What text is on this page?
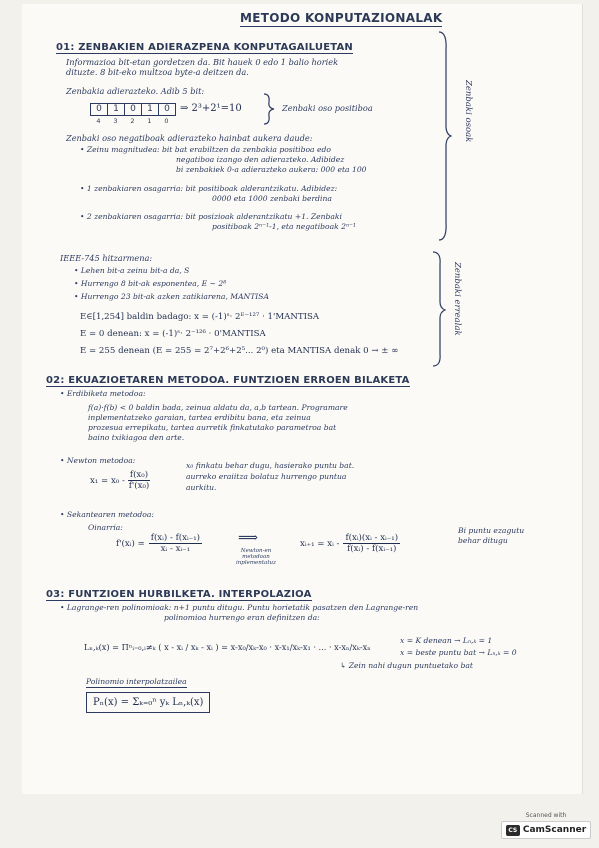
METODO KONPUTAZIONALAK
01: ZENBAKIEN ADIERAZPENA KONPUTAGAILUETAN
Informazioa bit-etan gordetzen da. Bit hauek 0 edo 1 balio horiek
dituzte. 8 bit-eko multzoa byte-a deitzen da.
Zenbakia adierazteko. Adib 5 bit:
0	1	0	1	0
4	3	2	1	0
⇒ 2³+2¹=10	Zenbaki oso positiboa
Zenbaki oso negatiboak adierazteko hainbat aukera daude:
• Zeinu magnitudea: bit bat erabiltzen da zenbakia positiboa edo
negatiboa izango den adierazteko. Adibidez
bi zenbakiek 0-a adierazteko aukera: 000 eta 100
• 1 zenbakiaren osagarria: bit positiboak alderantzikatu. Adibidez:
0000 eta 1000 zenbaki berdina
• 2 zenbakiaren osagarria: bit posizioak alderantzikatu +1. Zenbaki
positiboak 2ⁿ⁻¹-1, eta negatiboak 2ⁿ⁻¹
Zenbaki osoak
IEEE-745 hitzarmena:
• Lehen bit-a zeinu bit-a da, S
• Hurrengo 8 bit-ak esponentea, E ∼ 2⁸
• Hurrengo 23 bit-ak azken zatikiarena, MANTISA
E∈[1,254] baldin badago: x = (-1)ˢ· 2ᴱ⁻¹²⁷ · 1'MANTISA
E = 0 denean: x = (-1)ˢ· 2⁻¹²⁶ · 0'MANTISA
E = 255 denean (E = 255 = 2⁷+2⁶+2⁵... 2⁰) eta MANTISA denak 0 → ± ∞
Zenbaki errealak
02: EKUAZIOETAREN METODOA. FUNTZIOEN ERROEN BILAKETA
• Erdibiketa metodoa:
f(a)·f(b) < 0 baldin bada, zeinua aldatu da, a,b tartean. Programare
inplementatzeko garaian, tartea erdibitu bana, eta zeinua
prozesua errepikatu, tartea aurretik finkatutako parametroa bat
baino txikiagoa den arte.
• Newton metodoa:
$x_1 = x_0 - \frac{\text{f(x₀)}}{\text{f'(x₀)}}$
x₀ finkatu behar dugu, hasierako puntu bat.
aurreko eraiitza bolatuz hurrengo puntua
aurkitu.
• Sekantearen metodoa:
Oinarria:
f'(xᵢ) ≃ $\frac{\text{f(xᵢ) - f(xᵢ₋₁)}}{\text{xᵢ - xᵢ₋₁}}$	⟹
Newton-en
metodoan
inplementatuz
xᵢ₊₁ = xᵢ - $\frac{\text{f(xᵢ)(xᵢ - xᵢ₋₁)}}{\text{f(xᵢ) - f(xᵢ₋₁)}}$
Bi puntu ezagutu
behar ditugu
03: FUNTZIOEN HURBILKETA. INTERPOLAZIOA
• Lagrange-ren polinomioak: n+1 puntu ditugu. Puntu horietatik pasatzen den Lagrange-ren
polinomioa hurrengo eran definitzen da:
Lₙ,ₖ(x) = Πⁿᵢ₌₀,ᵢ≠ₖ ( x - xᵢ / xₖ - xᵢ ) = x-x₀/xₖ-x₀ · x-x₁/xₖ-x₁ · ... · x-xₙ/xₖ-xₙ
x = K denean → Lₙ,ₖ = 1
x = beste puntu bat → Lₙ,ₖ = 0
↳ Zein nahi dugun puntuetako bat
Polinomio interpolatzailea
Pₙ(x) = Σₖ₌₀ⁿ yₖ Lₙ,ₖ(x)
Scanned with
CS CamScanner
